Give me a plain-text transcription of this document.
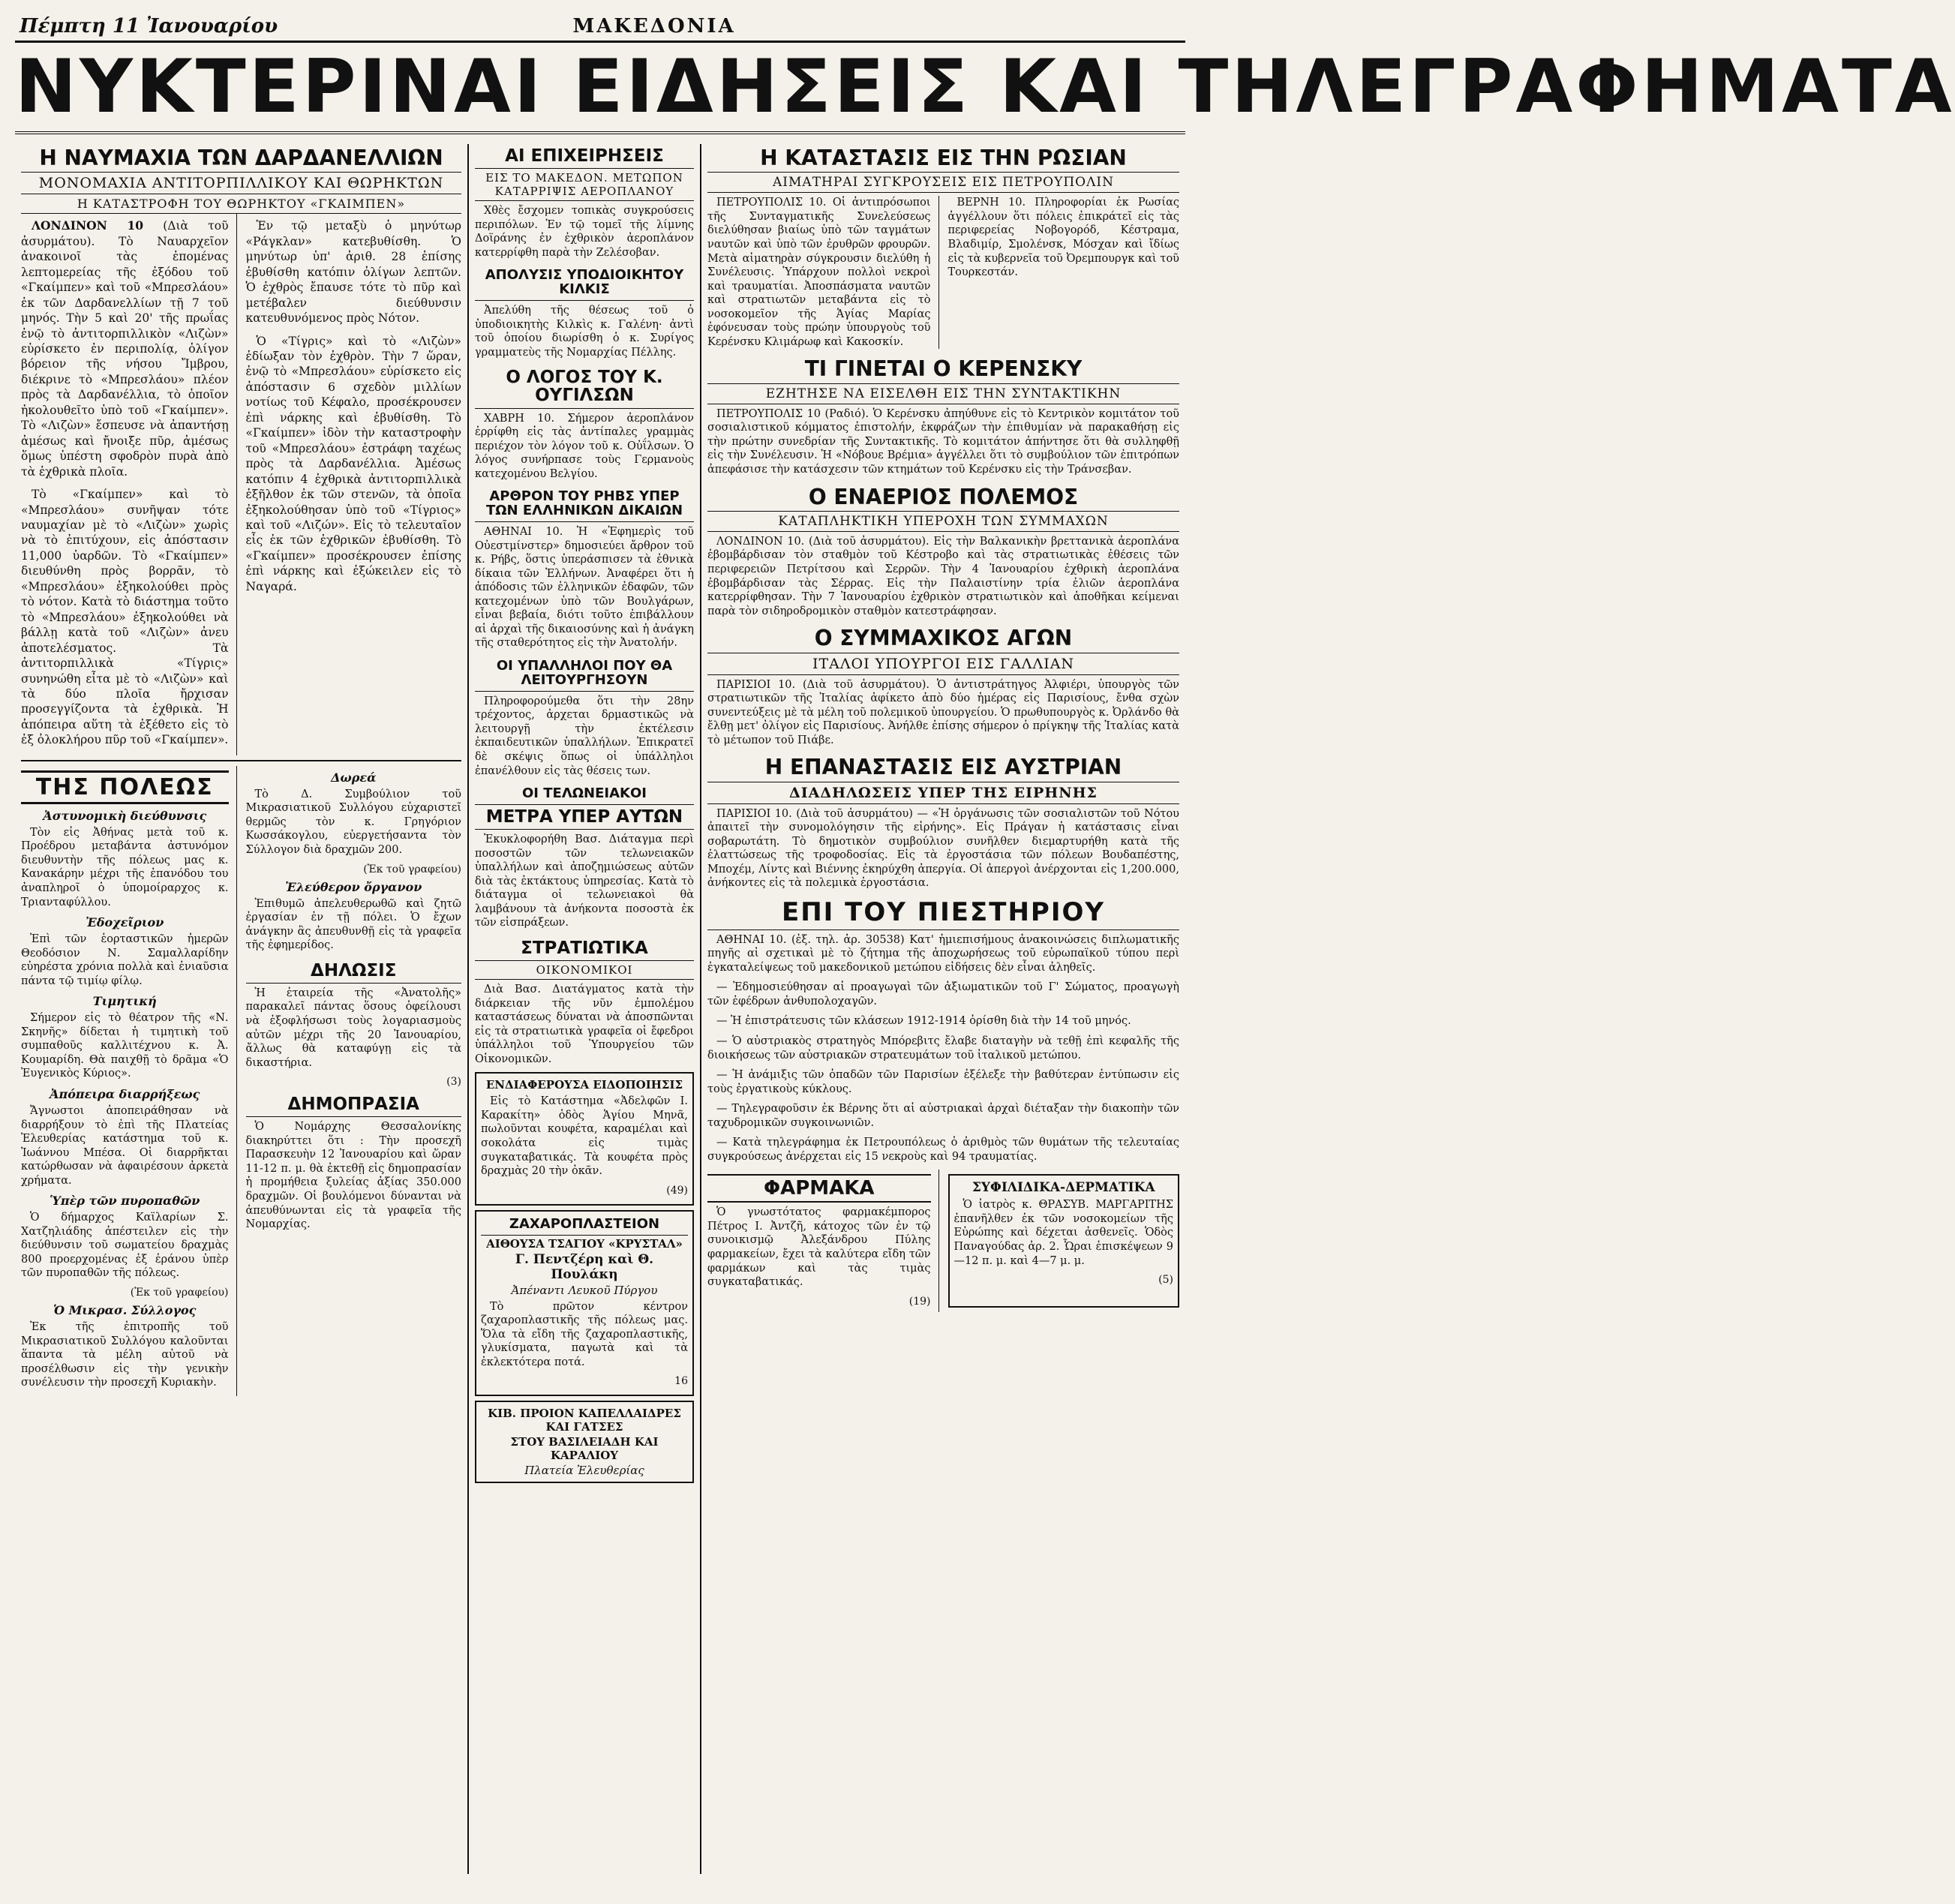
Πέμπτη 11 Ἰανουαρίου	ΜΑΚΕΔΟΝΙΑ
ΝΥΚΤΕΡΙΝΑΙ ΕΙΔΗΣΕΙΣ ΚΑΙ ΤΗΛΕΓΡΑΦΗΜΑΤΑ
Η ΝΑΥΜΑΧΙΑ ΤΩΝ ΔΑΡΔΑΝΕΛΛΙΩΝ
ΜΟΝΟΜΑΧΙΑ ΑΝΤΙΤΟΡΠΙΛΛΙΚΟΥ ΚΑΙ ΘΩΡΗΚΤΩΝ
Η ΚΑΤΑΣΤΡΟΦΗ ΤΟΥ ΘΩΡΗΚΤΟΥ «ΓΚΑΙΜΠΕΝ»

ΛΟΝΔΙΝΟΝ 10 (Διὰ τοῦ ἀσυρμάτου). Τὸ Ναυαρχεῖον ἀνακοινοῖ τὰς ἐπομένας λεπτομερείας τῆς ἐξόδου τοῦ «Γκαίμπεν» καὶ τοῦ «Μπρεσλάου» ἐκ τῶν Δαρδανελλίων τῇ 7 τοῦ μηνός. Τὴν 5 καὶ 20' τῆς πρωΐας ἐνῷ τὸ ἀντιτορπιλλικὸν «Λιζὼν» εὑρίσκετο ἐν περιπολίᾳ, ὁλίγον βόρειον τῆς νήσου Ἴμβρου, διέκρινε τὸ «Μπρεσλάου» πλέον πρὸς τὰ Δαρδανέλλια, τὸ ὁποῖον ἠκολουθεῖτο ὑπὸ τοῦ «Γκαίμπεν». Τὸ «Λιζὼν» ἔσπευσε νὰ ἀπαντήσῃ ἀμέσως καὶ ἤνοιξε πῦρ, ἀμέσως ὅμως ὑπέστη σφοδρὸν πυρὰ ἀπὸ τὰ ἐχθρικὰ πλοῖα.

Τὸ «Γκαίμπεν» καὶ τὸ «Μπρεσλάου» συνῆψαν τότε ναυμαχίαν μὲ τὸ «Λιζὼν» χωρὶς νὰ τὸ ἐπιτύχουν, εἰς ἀπόστασιν 11,000 ὑαρδῶν. Τὸ «Γκαίμπεν» διευθύνθη πρὸς βορρᾶν, τὸ «Μπρεσλάου» ἐξηκολούθει πρὸς τὸ νότον. Κατὰ τὸ διάστημα τοῦτο τὸ «Μπρεσλάου» ἐξηκολούθει νὰ βάλλῃ κατὰ τοῦ «Λιζὼν» ἀνευ ἀποτελέσματος. Τὰ ἀντιτορπιλλικὰ «Τίγρις» συνηνώθη εἶτα μὲ τὸ «Λιζὼν» καὶ τὰ δύο πλοῖα ἤρχισαν προσεγγίζοντα τὰ ἐχθρικὰ. Ἡ ἀπόπειρα αὕτη τὰ ἐξέθετο εἰς τὸ ἐξ ὀλοκλήρου πῦρ τοῦ «Γκαίμπεν».

Ἐν τῷ μεταξὺ ὁ μηνύτωρ «Ράγκλαν» κατεβυθίσθη. Ὁ μηνύτωρ ὑπ' ἀριθ. 28 ἐπίσης ἐβυθίσθη κατόπιν ὀλίγων λεπτῶν. Ὁ ἐχθρὸς ἔπαυσε τότε τὸ πῦρ καὶ μετέβαλεν διεύθυνσιν κατευθυνόμενος πρὸς Νότον.

Ὁ «Τίγρις» καὶ τὸ «Λιζὼν» ἐδίωξαν τὸν ἐχθρὸν. Τὴν 7 ὥραν, ἐνῷ τὸ «Μπρεσλάου» εὑρίσκετο εἰς ἀπόστασιν 6 σχεδὸν μιλλίων νοτίως τοῦ Κέφαλο, προσέκρουσεν ἐπὶ νάρκης καὶ ἐβυθίσθη. Τὸ «Γκαίμπεν» ἰδὸν τὴν καταστροφὴν τοῦ «Μπρεσλάου» ἐστράφη ταχέως πρὸς τὰ Δαρδανέλλια. Ἀμέσως κατόπιν 4 ἐχθρικὰ ἀντιτορπιλλικὰ ἐξῆλθον ἐκ τῶν στενῶν, τὰ ὁποῖα ἐξηκολούθησαν ὑπὸ τοῦ «Τίγριος» καὶ τοῦ «Λιζών». Εἰς τὸ τελευταῖον εἶς ἐκ τῶν ἐχθρικῶν ἐβυθίσθη. Τὸ «Γκαίμπεν» προσέκρουσεν ἐπίσης ἐπὶ νάρκης καὶ ἐξώκειλεν εἰς τὸ Ναγαρά.

ΤΗΣ ΠΟΛΕΩΣ
Ἀστυνομικὴ διεύθυνσις

Τὸν εἰς Ἀθήνας μετὰ τοῦ κ. Προέδρου μεταβάντα ἀστυνόμον διευθυντὴν τῆς πόλεως μας κ. Κανακάρην μέχρι τῆς ἐπανόδου του ἀναπληροῖ ὁ ὑπομοίραρχος κ. Τριανταφύλλου.

Ἐδοχεῖριον

Ἐπὶ τῶν ἑορταστικῶν ἡμερῶν Θεοδόσιον Ν. Σαμαλλαρίδην εὐηρέστα χρόνια πολλὰ καὶ ἐνιαῦσια πάντα τῷ τιμίῳ φίλῳ.

Τιμητική

Σήμερον εἰς τὸ θέατρον τῆς «Ν. Σκηνῆς» δίδεται ἡ τιμητικὴ τοῦ συμπαθοῦς καλλιτέχνου κ. Ἀ. Κουμαρίδη. Θὰ παιχθῇ τὸ δρᾶμα «Ὁ Ἐυγενικὸς Κύριος».

Ἀπόπειρα διαρρήξεως

Ἄγνωστοι ἀποπειράθησαν νὰ διαρρήξουν τὸ ἐπὶ τῆς Πλατείας Ἐλευθερίας κατάστημα τοῦ κ. Ἰωάννου Μπέσα. Οἱ διαρρῆκται κατώρθωσαν νὰ ἀφαιρέσουν ἀρκετὰ χρήματα.

Ὑπὲρ τῶν πυροπαθῶν

Ὁ δήμαρχος Καϊλαρίων Σ. Χατζηλιάδης ἀπέστειλεν εἰς τὴν διεύθυνσιν τοῦ σωματείου δραχμὰς 800 προερχομένας ἐξ ἐράνου ὑπὲρ τῶν πυροπαθῶν τῆς πόλεως.

(Ἐκ τοῦ γραφείου)
Ὁ Μικρασ. Σύλλογος

Ἐκ τῆς ἐπιτροπῆς τοῦ Μικρασιατικοῦ Συλλόγου καλοῦνται ἅπαντα τὰ μέλη αὐτοῦ νὰ προσέλθωσιν εἰς τὴν γενικὴν συνέλευσιν τὴν προσεχῆ Κυριακὴν.

Δωρεά

Τὸ Δ. Συμβούλιον τοῦ Μικρασιατικοῦ Συλλόγου εὐχαριστεῖ θερμῶς τὸν κ. Γρηγόριον Κωσσάκογλου, εὐεργετήσαντα τὸν Σύλλογον διὰ δραχμῶν 200.

(Ἐκ τοῦ γραφείου)
Ἐλεύθερον ὄργανον

Ἐπιθυμῶ ἀπελευθερωθῶ καὶ ζητῶ ἐργασίαν ἐν τῇ πόλει. Ὁ ἔχων ἀνάγκην ἂς ἀπευθυνθῇ εἰς τὰ γραφεῖα τῆς ἐφημερίδος.

ΔΗΛΩΣΙΣ

Ἡ ἑταιρεία τῆς «Ἀνατολῆς» παρακαλεῖ πάντας ὅσους ὀφείλουσι νὰ ἐξοφλήσωσι τοὺς λογαριασμοὺς αὐτῶν μέχρι τῆς 20 Ἰανουαρίου, ἄλλως θὰ καταφύγῃ εἰς τὰ δικαστήρια.

(3)
ΔΗΜΟΠΡΑΣΙΑ

Ὁ Νομάρχης Θεσσαλονίκης διακηρύττει ὅτι : Τὴν προσεχῆ Παρασκευὴν 12 Ἰανουαρίου καὶ ὥραν 11-12 π. μ. θὰ ἐκτεθῇ εἰς δημοπρασίαν ἡ προμήθεια ξυλείας ἀξίας 350.000 δραχμῶν. Οἱ βουλόμενοι δύνανται νὰ ἀπευθύνωνται εἰς τὰ γραφεῖα τῆς Νομαρχίας.

ΑΙ ΕΠΙΧΕΙΡΗΣΕΙΣ
ΕΙΣ ΤΟ ΜΑΚΕΔΟΝ. ΜΕΤΩΠΟΝ ΚΑΤΑΡΡΙΨΙΣ ΑΕΡΟΠΛΑΝΟΥ

Χθὲς ἔσχομεν τοπικὰς συγκρούσεις περιπόλων. Ἐν τῷ τομεῖ τῆς λίμνης Δοϊράνης ἐν ἐχθρικὸν ἀεροπλάνον κατερρίφθη παρὰ τὴν Ζελέσοβαν.

ΑΠΟΛΥΣΙΣ ΥΠΟΔΙΟΙΚΗΤΟΥ ΚΙΛΚΙΣ

Ἀπελύθη τῆς θέσεως τοῦ ὁ ὑποδιοικητὴς Κιλκὶς κ. Γαλένη· ἀντὶ τοῦ ὁποίου διωρίσθη ὁ κ. Συρίγος γραμματεὺς τῆς Νομαρχίας Πέλλης.

Ο ΛΟΓΟΣ ΤΟΥ Κ. ΟΥΓΙΛΣΩΝ

ΧΑΒΡΗ 10. Σήμερον ἀεροπλάνον ἐρρίφθη εἰς τὰς ἀντίπαλες γραμμὰς περιέχον τὸν λόγον τοῦ κ. Οὐΐλσων. Ὁ λόγος συνήρπασε τοὺς Γερμανοὺς κατεχομένου Βελγίου.

ΑΡΘΡΟΝ ΤΟΥ ΡΗΒΣ ΥΠΕΡ ΤΩΝ ΕΛΛΗΝΙΚΩΝ ΔΙΚΑΙΩΝ

ΑΘΗΝΑΙ 10. Ἡ «Ἐφημερὶς τοῦ Οὐεστμίνστερ» δημοσιεύει ἄρθρον τοῦ κ. Ρήβς, ὅστις ὑπεράσπισεν τὰ ἐθνικὰ δίκαια τῶν Ἑλλήνων. Ἀναφέρει ὅτι ἡ ἀπόδοσις τῶν ἑλληνικῶν ἐδαφῶν, τῶν κατεχομένων ὑπὸ τῶν Βουλγάρων, εἶναι βεβαία, διότι τοῦτο ἐπιβάλλουν αἱ ἀρχαὶ τῆς δικαιοσύνης καὶ ἡ ἀνάγκη τῆς σταθερότητος εἰς τὴν Ἀνατολήν.

ΟΙ ΥΠΑΛΛΗΛΟΙ ΠΟΥ ΘΑ ΛΕΙΤΟΥΡΓΗΣΟΥΝ

Πληροφορούμεθα ὅτι τὴν 28ην τρέχοντος, ἀρχεται δρμαστικῶς νὰ λειτουργῇ τὴν ἐκτέλεσιν ἐκπαιδευτικῶν ὑπαλλήλων. Ἐπικρατεῖ δὲ σκέψις ὅπως οἱ ὑπάλληλοι ἐπανέλθουν εἰς τὰς θέσεις των.

ΟΙ ΤΕΛΩΝΕΙΑΚΟΙ
ΜΕΤΡΑ ΥΠΕΡ ΑΥΤΩΝ

Ἐκυκλοφορήθη Βασ. Διάταγμα περὶ ποσοστῶν τῶν τελωνειακῶν ὑπαλλήλων καὶ ἀποζημιώσεως αὐτῶν διὰ τὰς ἐκτάκτους ὑπηρεσίας. Κατὰ τὸ διάταγμα οἱ τελωνειακοὶ θὰ λαμβάνουν τὰ ἀνήκοντα ποσοστὰ ἐκ τῶν εἰσπράξεων.

ΣΤΡΑΤΙΩΤΙΚΑ
ΟΙΚΟΝΟΜΙΚΟΙ

Διὰ Βασ. Διατάγματος κατὰ τὴν διάρκειαν τῆς νῦν ἐμπολέμου καταστάσεως δύναται νὰ ἀποσπῶνται εἰς τὰ στρατιωτικὰ γραφεῖα οἱ ἔφεδροι ὑπάλληλοι τοῦ Ὑπουργείου τῶν Οἰκονομικῶν.

ΕΝΔΙΑΦΕΡΟΥΣΑ ΕΙΔΟΠΟΙΗΣΙΣ

Εἰς τὸ Κατάστημα «Ἀδελφῶν Ι. Καρακίτη» ὁδὸς Ἁγίου Μηνᾶ, πωλοῦνται κουφέτα, καραμέλαι καὶ σοκολάτα εἰς τιμὰς συγκαταβατικάς. Τὰ κουφέτα πρὸς δραχμὰς 20 τὴν ὀκᾶν.

(49)
ΖΑΧΑΡΟΠΛΑΣΤΕΙΟΝ
ΑΙΘΟΥΣΑ ΤΣΑΓΙΟΥ «ΚΡΥΣΤΑΛ»
Γ. Πεντζέρη καὶ Θ. Πουλάκη
Ἀπέναντι Λευκοῦ Πύργου

Τὸ πρῶτον κέντρον ζαχαροπλαστικῆς τῆς πόλεως μας. Ὅλα τὰ εἴδη τῆς ζαχαροπλαστικῆς, γλυκίσματα, παγωτὰ καὶ τὰ ἐκλεκτότερα ποτά.

16
ΚΙΒ. ΠΡΟΙΟΝ ΚΑΠΕΛΛΑΙΔΡΕΣ ΚΑΙ ΓΑΤΣΕΣ
ΣΤΟΥ ΒΑΣΙΛΕΙΑΔΗ ΚΑΙ ΚΑΡΑΛΙΟΥ
Πλατεία Ἐλευθερίας
Η ΚΑΤΑΣΤΑΣΙΣ ΕΙΣ ΤΗΝ ΡΩΣΙΑΝ
ΑΙΜΑΤΗΡΑΙ ΣΥΓΚΡΟΥΣΕΙΣ ΕΙΣ ΠΕΤΡΟΥΠΟΛΙΝ

ΠΕΤΡΟΥΠΟΛΙΣ 10. Οἱ ἀντιπρόσωποι τῆς Συνταγματικῆς Συνελεύσεως διελύθησαν βιαίως ὑπὸ τῶν ταγμάτων ναυτῶν καὶ ὑπὸ τῶν ἐρυθρῶν φρουρῶν. Μετὰ αἱματηρὰν σύγκρουσιν διελύθη ἡ Συνέλευσις. Ὑπάρχουν πολλοὶ νεκροὶ καὶ τραυματίαι. Ἀποσπάσματα ναυτῶν καὶ στρατιωτῶν μεταβάντα εἰς τὸ νοσοκομεῖον τῆς Ἁγίας Μαρίας ἐφόνευσαν τοὺς πρώην ὑπουργοὺς τοῦ Κερένσκυ Κλιμάρωφ καὶ Κακοσκίν.

ΒΕΡΝΗ 10. Πληροφορίαι ἐκ Ρωσίας ἀγγέλλουν ὅτι πόλεις ἐπικράτεῖ εἰς τὰς περιφερείας Νοβογορόδ, Κέστραμα, Βλαδιμίρ, Σμολένσκ, Μόσχαν καὶ ἴδίως εἰς τὰ κυβερνεῖα τοῦ Ὀρεμπουργκ καὶ τοῦ Τουρκεστάν.

ΤΙ ΓΙΝΕΤΑΙ Ο ΚΕΡΕΝΣΚΥ
ΕΖΗΤΗΣΕ ΝΑ ΕΙΣΕΛΘΗ ΕΙΣ ΤΗΝ ΣΥΝΤΑΚΤΙΚΗΝ

ΠΕΤΡΟΥΠΟΛΙΣ 10 (Ραδιό). Ὁ Κερένσκυ ἀπηύθυνε εἰς τὸ Κεντρικὸν κομιτάτον τοῦ σοσιαλιστικοῦ κόμματος ἐπιστολήν, ἐκφράζων τὴν ἐπιθυμίαν νὰ παρακαθήσῃ εἰς τὴν πρώτην συνεδρίαν τῆς Συντακτικῆς. Τὸ κομιτάτον ἀπήντησε ὅτι θὰ συλληφθῇ εἰς τὴν Συνέλευσιν. Ἡ «Νόβουε Βρέμια» ἀγγέλλει ὅτι τὸ συμβούλιον τῶν ἐπιτρόπων ἀπεφάσισε τὴν κατάσχεσιν τῶν κτημάτων τοῦ Κερένσκυ εἰς τὴν Τράνσεβαν.

Ο ΕΝΑΕΡΙΟΣ ΠΟΛΕΜΟΣ
ΚΑΤΑΠΛΗΚΤΙΚΗ ΥΠΕΡΟΧΗ ΤΩΝ ΣΥΜΜΑΧΩΝ

ΛΟΝΔΙΝΟΝ 10. (Διὰ τοῦ ἀσυρμάτου). Εἰς τὴν Βαλκανικὴν βρεττανικὰ ἀεροπλάνα ἐβομβάρδισαν τὸν σταθμὸν τοῦ Κέστροβο καὶ τὰς στρατιωτικὰς ἐθέσεις τῶν περιφερειῶν Πετρίτσου καὶ Σερρῶν. Τὴν 4 Ἰανουαρίου ἐχθρικὴ ἀεροπλάνα ἐβομβάρδισαν τὰς Σέρρας. Εἰς τὴν Παλαιστίνην τρία ἐλιῶν ἀεροπλάνα κατερρίφθησαν. Τὴν 7 Ἰανουαρίου ἐχθρικὸν στρατιωτικὸν καὶ ἀποθῆκαι κείμεναι παρὰ τὸν σιδηροδρομικὸν σταθμὸν κατεστράφησαν.

Ο ΣΥΜΜΑΧΙΚΟΣ ΑΓΩΝ
ΙΤΑΛΟΙ ΥΠΟΥΡΓΟΙ ΕΙΣ ΓΑΛΛΙΑΝ

ΠΑΡΙΣΙΟΙ 10. (Διὰ τοῦ ἀσυρμάτου). Ὁ ἀντιστράτηγος Ἀλφιέρι, ὑπουργὸς τῶν στρατιωτικῶν τῆς Ἰταλίας ἀφίκετο ἀπὸ δύο ἡμέρας εἰς Παρισίους, ἔνθα σχὼν συνεντεύξεις μὲ τὰ μέλη τοῦ πολεμικοῦ ὑπουργείου. Ὁ πρωθυπουργὸς κ. Ὀρλάνδο θὰ ἔλθῃ μετ' ὀλίγον εἰς Παρισίους. Ἀνήλθε ἐπίσης σήμερον ὁ πρίγκηψ τῆς Ἰταλίας κατὰ τὸ μέτωπον τοῦ Πιάβε.

Η ΕΠΑΝΑΣΤΑΣΙΣ ΕΙΣ ΑΥΣΤΡΙΑΝ
ΔΙΑΔΗΛΩΣΕΙΣ ΥΠΕΡ ΤΗΣ ΕΙΡΗΝΗΣ

ΠΑΡΙΣΙΟΙ 10. (Διὰ τοῦ ἀσυρμάτου) — «Ἡ ὀργάνωσις τῶν σοσιαλιστῶν τοῦ Νότου ἀπαιτεῖ τὴν συνομολόγησιν τῆς εἰρήνης». Εἰς Πράγαν ἡ κατάστασις εἶναι σοβαρωτάτη. Τὸ δημοτικὸν συμβούλιον συνῆλθεν διεμαρτυρήθη κατὰ τῆς ἐλαττώσεως τῆς τροφοδοσίας. Εἰς τὰ ἐργοστάσια τῶν πόλεων Βουδαπέστης, Μποχέμ, Λίντς καὶ Βιέννης ἐκηρύχθη ἀπεργία. Οἱ ἀπεργοὶ ἀνέρχονται εἰς 1,200.000, ἀνήκοντες εἰς τὰ πολεμικὰ ἐργοστάσια.

ΕΠΙ ΤΟΥ ΠΙΕΣΤΗΡΙΟΥ

ΑΘΗΝΑΙ 10. (ἐξ. τηλ. ἀρ. 30538) Κατ' ἡμιεπισήμους ἀνακοινώσεις διπλωματικῆς πηγῆς αἱ σχετικαὶ μὲ τὸ ζήτημα τῆς ἀποχωρήσεως τοῦ εὐρωπαϊκοῦ τύπου περὶ ἐγκαταλείψεως τοῦ μακεδονικοῦ μετώπου εἰδήσεις δὲν εἶναι ἀληθεῖς.

— Ἐδημοσιεύθησαν αἱ προαγωγαὶ τῶν ἀξιωματικῶν τοῦ Γ' Σώματος, προαγωγὴ τῶν ἐφέδρων ἀνθυπολοχαγῶν.

— Ἡ ἐπιστράτευσις τῶν κλάσεων 1912-1914 ὁρίσθη διὰ τὴν 14 τοῦ μηνός.

— Ὁ αὐστριακὸς στρατηγὸς Μπόρεβιτς ἔλαβε διαταγὴν νὰ τεθῇ ἐπὶ κεφαλῆς τῆς διοικήσεως τῶν αὐστριακῶν στρατευμάτων τοῦ ἰταλικοῦ μετώπου.

— Ἡ ἀνάμιξις τῶν ὀπαδῶν τῶν Παρισίων ἐξέλεξε τὴν βαθύτεραν ἐντύπωσιν εἰς τοὺς ἐργατικοὺς κύκλους.

— Τηλεγραφοῦσιν ἐκ Βέρνης ὅτι αἱ αὐστριακαὶ ἀρχαὶ διέταξαν τὴν διακοπὴν τῶν ταχυδρομικῶν συγκοινωνιῶν.

— Κατὰ τηλεγράφημα ἐκ Πετρουπόλεως ὁ ἀριθμὸς τῶν θυμάτων τῆς τελευταίας συγκρούσεως ἀνέρχεται εἰς 15 νεκροὺς καὶ 94 τραυματίας.

ΦΑΡΜΑΚΑ

Ὁ γνωστότατος φαρμακέμπορος Πέτρος Ι. Ἀντζῆ, κάτοχος τῶν ἐν τῷ συνοικισμῷ Ἀλεξάνδρου Πύλης φαρμακείων, ἔχει τὰ καλύτερα εἴδη τῶν φαρμάκων καὶ τὰς τιμὰς συγκαταβατικάς.

(19)
ΣΥΦΙΛΙΔΙΚΑ-ΔΕΡΜΑΤΙΚΑ

Ὁ ἰατρὸς κ. ΘΡΑΣΥΒ. ΜΑΡΓΑΡΙΤΗΣ ἐπανῆλθεν ἐκ τῶν νοσοκομείων τῆς Εὐρώπης καὶ δέχεται ἀσθενεῖς. Ὁδὸς Παναγούδας ἀρ. 2. Ὧραι ἐπισκέψεων 9—12 π. μ. καὶ 4—7 μ. μ.

(5)
